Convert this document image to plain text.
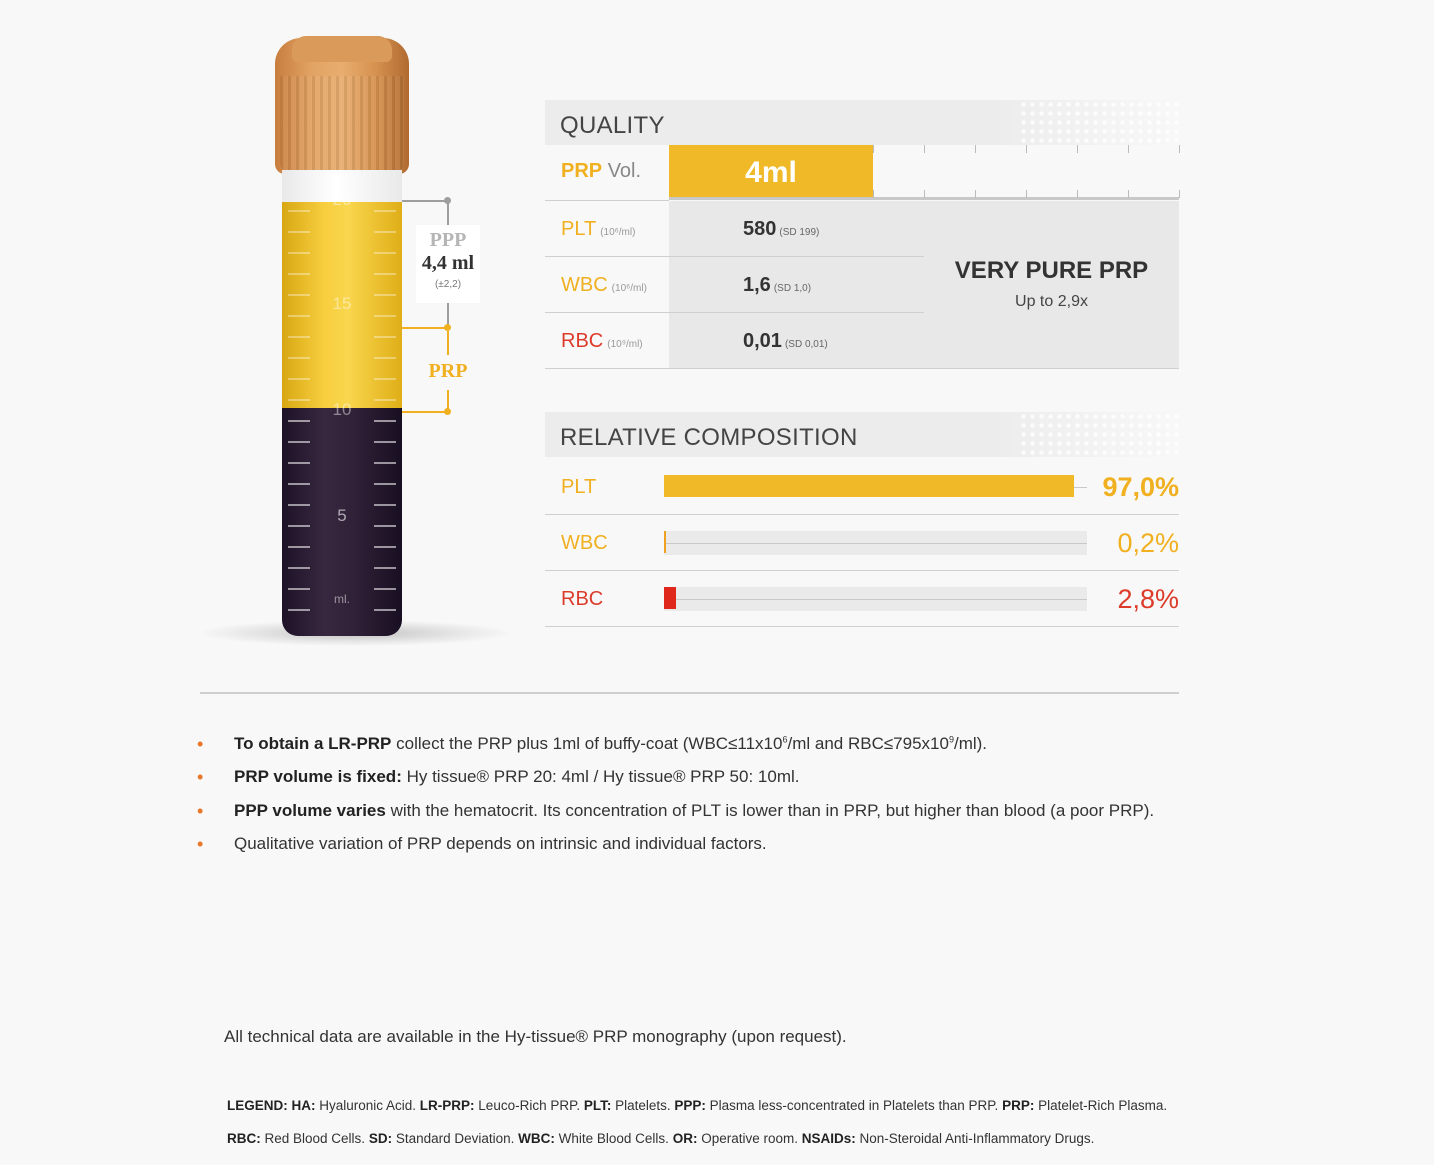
20
15
10
5
ml.
PPP
4,4 ml
(±2,2)
PRP
QUALITY
PRP Vol.	4ml
VERY PURE PRP
Up to 2,9x
PLT (10⁶/ml)	580 (SD 199)
WBC (10⁶/ml)	1,6 (SD 1,0)
RBC (10⁹/ml)	0,01 (SD 0,01)
RELATIVE COMPOSITION
PLT	97,0%
WBC	0,2%
RBC	2,8%
• To obtain a LR-PRP collect the PRP plus 1ml of buffy-coat ($WBC\le 11x10^6/ml$ and $RBC\le 795x10^9/ml$).
• PRP volume is fixed: Hy tissue® PRP 20: 4ml / Hy tissue® PRP 50: 10ml.
• PPP volume varies with the hematocrit. Its concentration of PLT is lower than in PRP, but higher than blood (a poor PRP).
• Qualitative variation of PRP depends on intrinsic and individual factors.
All technical data are available in the Hy-tissue® PRP monography (upon request).
LEGEND: HA: Hyaluronic Acid. LR-PRP: Leuco-Rich PRP. PLT: Platelets. PPP: Plasma less-concentrated in Platelets than PRP. PRP: Platelet-Rich Plasma.
RBC: Red Blood Cells. SD: Standard Deviation. WBC: White Blood Cells. OR: Operative room. NSAIDs: Non-Steroidal Anti-Inflammatory Drugs.
